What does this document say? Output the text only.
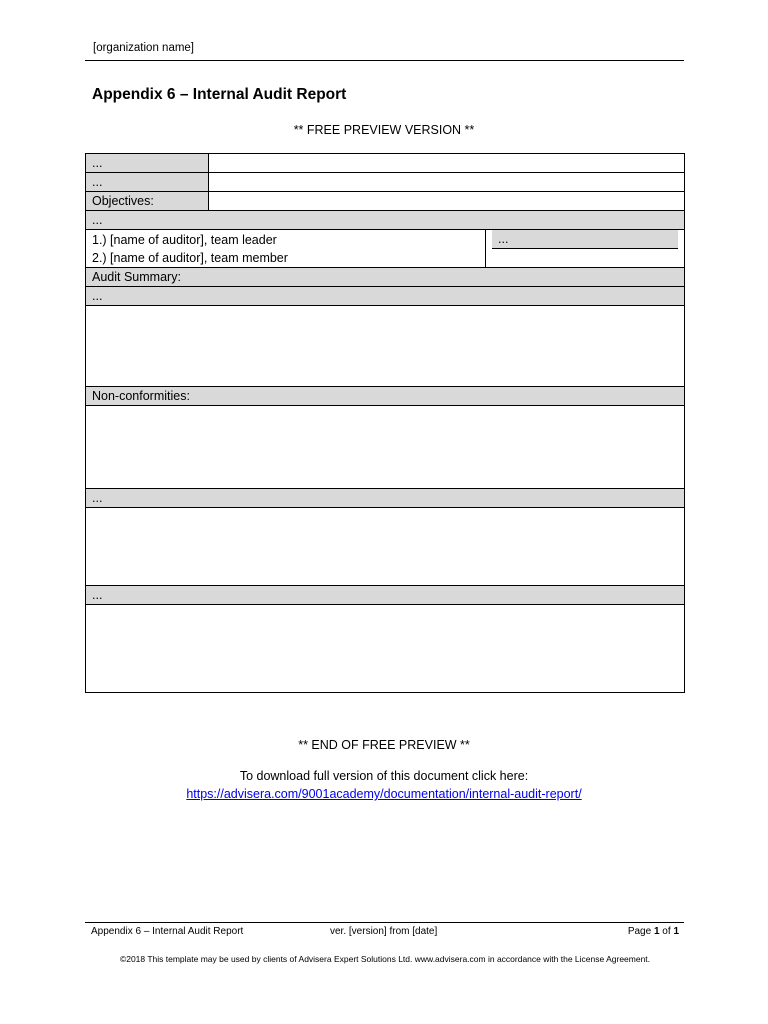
[organization name]
Appendix 6 – Internal Audit Report
** FREE PREVIEW VERSION **
...		
...		
Objectives:		
...		

1.) [name of auditor], team leader
2.) [name of auditor], team member		...

Audit Summary:		
...		

Non-conformities:		

...		

...		

** END OF FREE PREVIEW **
To download full version of this document click here:
https://advisera.com/9001academy/documentation/internal-audit-report/
Appendix 6 – Internal Audit Report	ver. [version] from [date]	Page 1 of 1
©2018 This template may be used by clients of Advisera Expert Solutions Ltd. www.advisera.com in accordance with the License Agreement.
